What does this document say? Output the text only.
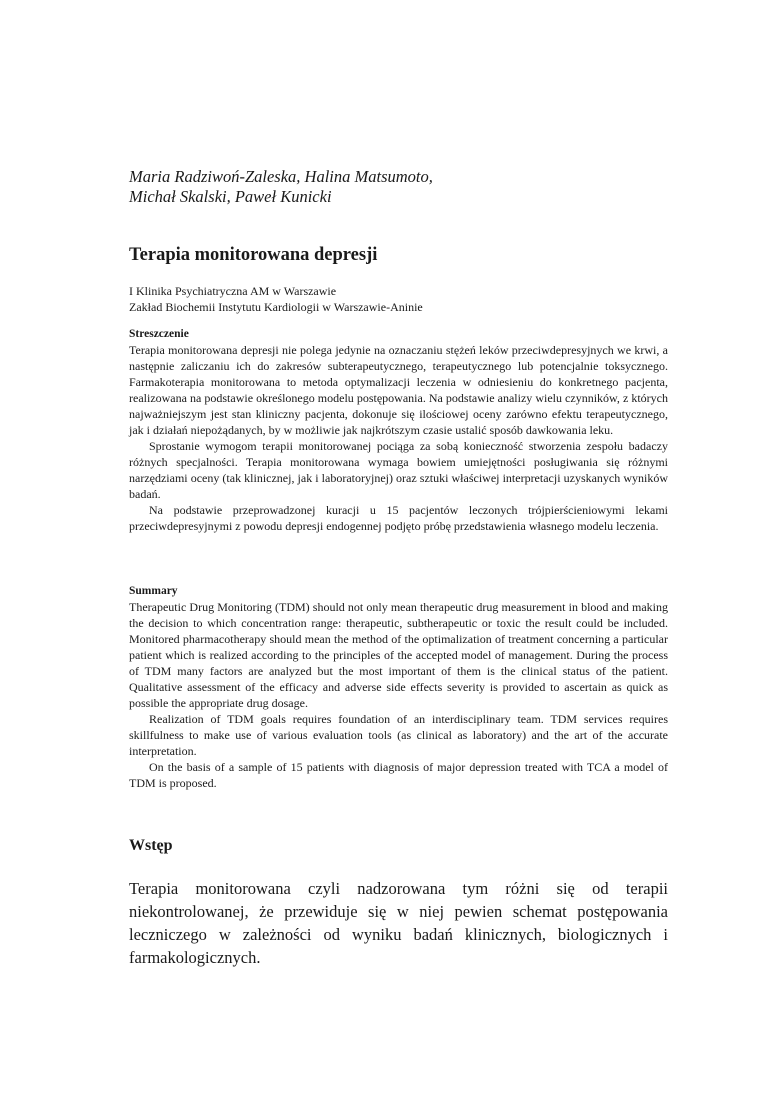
Maria Radziwoń-Zaleska, Halina Matsumoto,
Michał Skalski, Paweł Kunicki
Terapia monitorowana depresji
I Klinika Psychiatryczna AM w Warszawie
Zakład Biochemii Instytutu Kardiologii w Warszawie-Aninie
Streszczenie

Terapia monitorowana depresji nie polega jedynie na oznaczaniu stężeń leków przeciwdepresyjnych we krwi, a następnie zaliczaniu ich do zakresów subterapeutycznego, terapeutycznego lub potencjalnie toksycznego. Farmakoterapia monitorowana to metoda optymalizacji leczenia w odniesieniu do konkretnego pacjenta, realizowana na podstawie określonego modelu postępowania. Na podstawie analizy wielu czynników, z których najważniejszym jest stan kliniczny pacjenta, dokonuje się ilościowej oceny zarówno efektu terapeutycznego, jak i działań niepożądanych, by w możliwie jak najkrótszym czasie ustalić sposób dawkowania leku.

Sprostanie wymogom terapii monitorowanej pociąga za sobą konieczność stworzenia zespołu badaczy różnych specjalności. Terapia monitorowana wymaga bowiem umiejętności posługiwania się różnymi narzędziami oceny (tak klinicznej, jak i laboratoryjnej) oraz sztuki właściwej interpretacji uzyskanych wyników badań.

Na podstawie przeprowadzonej kuracji u 15 pacjentów leczonych trójpierścieniowymi lekami przeciwdepresyjnymi z powodu depresji endogennej podjęto próbę przedstawienia własnego modelu leczenia.

Summary

Therapeutic Drug Monitoring (TDM) should not only mean therapeutic drug measurement in blood and making the decision to which concentration range: therapeutic, subtherapeutic or toxic the result could be included. Monitored pharmacotherapy should mean the method of the optimalization of treatment concerning a particular patient which is realized according to the principles of the accepted model of management. During the process of TDM many factors are analyzed but the most important of them is the clinical status of the patient. Qualitative assessment of the efficacy and adverse side effects severity is provided to ascertain as quick as possible the appropriate drug dosage.

Realization of TDM goals requires foundation of an interdisciplinary team. TDM services requires skillfulness to make use of various evaluation tools (as clinical as laboratory) and the art of the accurate interpretation.

On the basis of a sample of 15 patients with diagnosis of major depression treated with TCA a model of TDM is proposed.

Wstęp

Terapia monitorowana czyli nadzorowana tym różni się od terapii niekontrolowanej, że przewiduje się w niej pewien schemat postępowania leczniczego w zależności od wyniku badań klinicznych, biologicznych i farmakologicznych.
